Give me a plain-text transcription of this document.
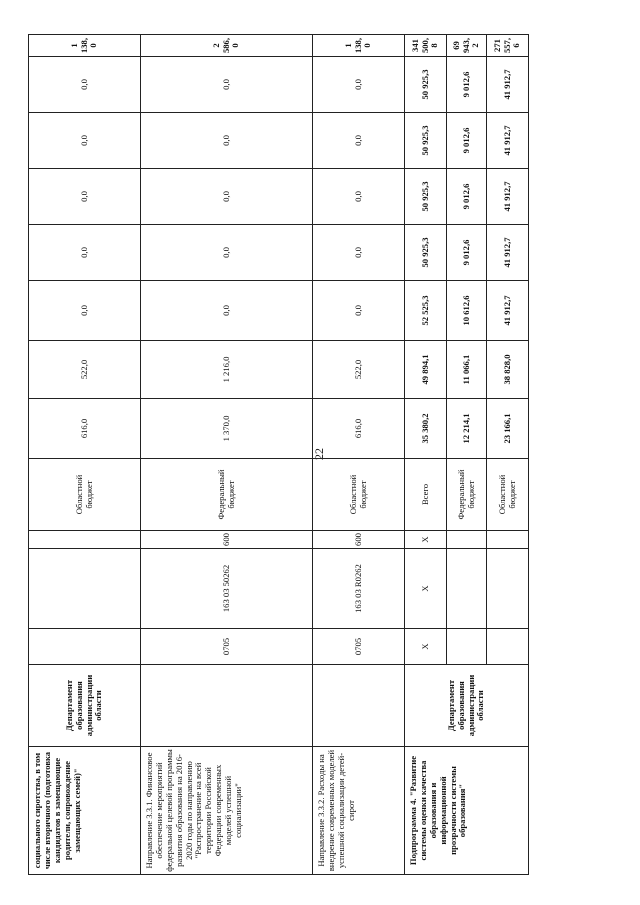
22
социального сиротства, в том числе вторичного (подготовка кандидатов в замещающие родители, сопровождение замещающих семей)"	Департамент образования администрации области				Областной бюджет	616,0	522,0	0,0	0,0	0,0	0,0	0,0	1 138,0
Направление 3.3.1. Финансовое обеспечение мероприятий федеральной целевой программы развития образования на 2016-2020 годы по направлению "Распространение на всей территории Российской Федерации современных моделей успешной социализации"		0705	163 03 50262	600	Федеральный бюджет	1 370,0	1 216,0	0,0	0,0	0,0	0,0	0,0	2 586,0
Направление 3.3.2. Расходы на внедрение современных моделей успешной социализации детей-сирот		0705	163 03 R0262	600	Областной бюджет	616,0	522,0	0,0	0,0	0,0	0,0	0,0	1 138,0
Подпрограмма 4. "Развитие системы оценки качества образования и информационной прозрачности системы образования"	Департамент образования администрации области	X	X	X	Всего	35 380,2	49 894,1	52 525,3	50 925,3	50 925,3	50 925,3	50 925,3	341 500,8
					Федеральный бюджет	12 214,1	11 066,1	10 612,6	9 012,6	9 012,6	9 012,6	9 012,6	69 943,2
					Областной бюджет	23 166,1	38 828,0	41 912,7	41 912,7	41 912,7	41 912,7	41 912,7	271 557,6
